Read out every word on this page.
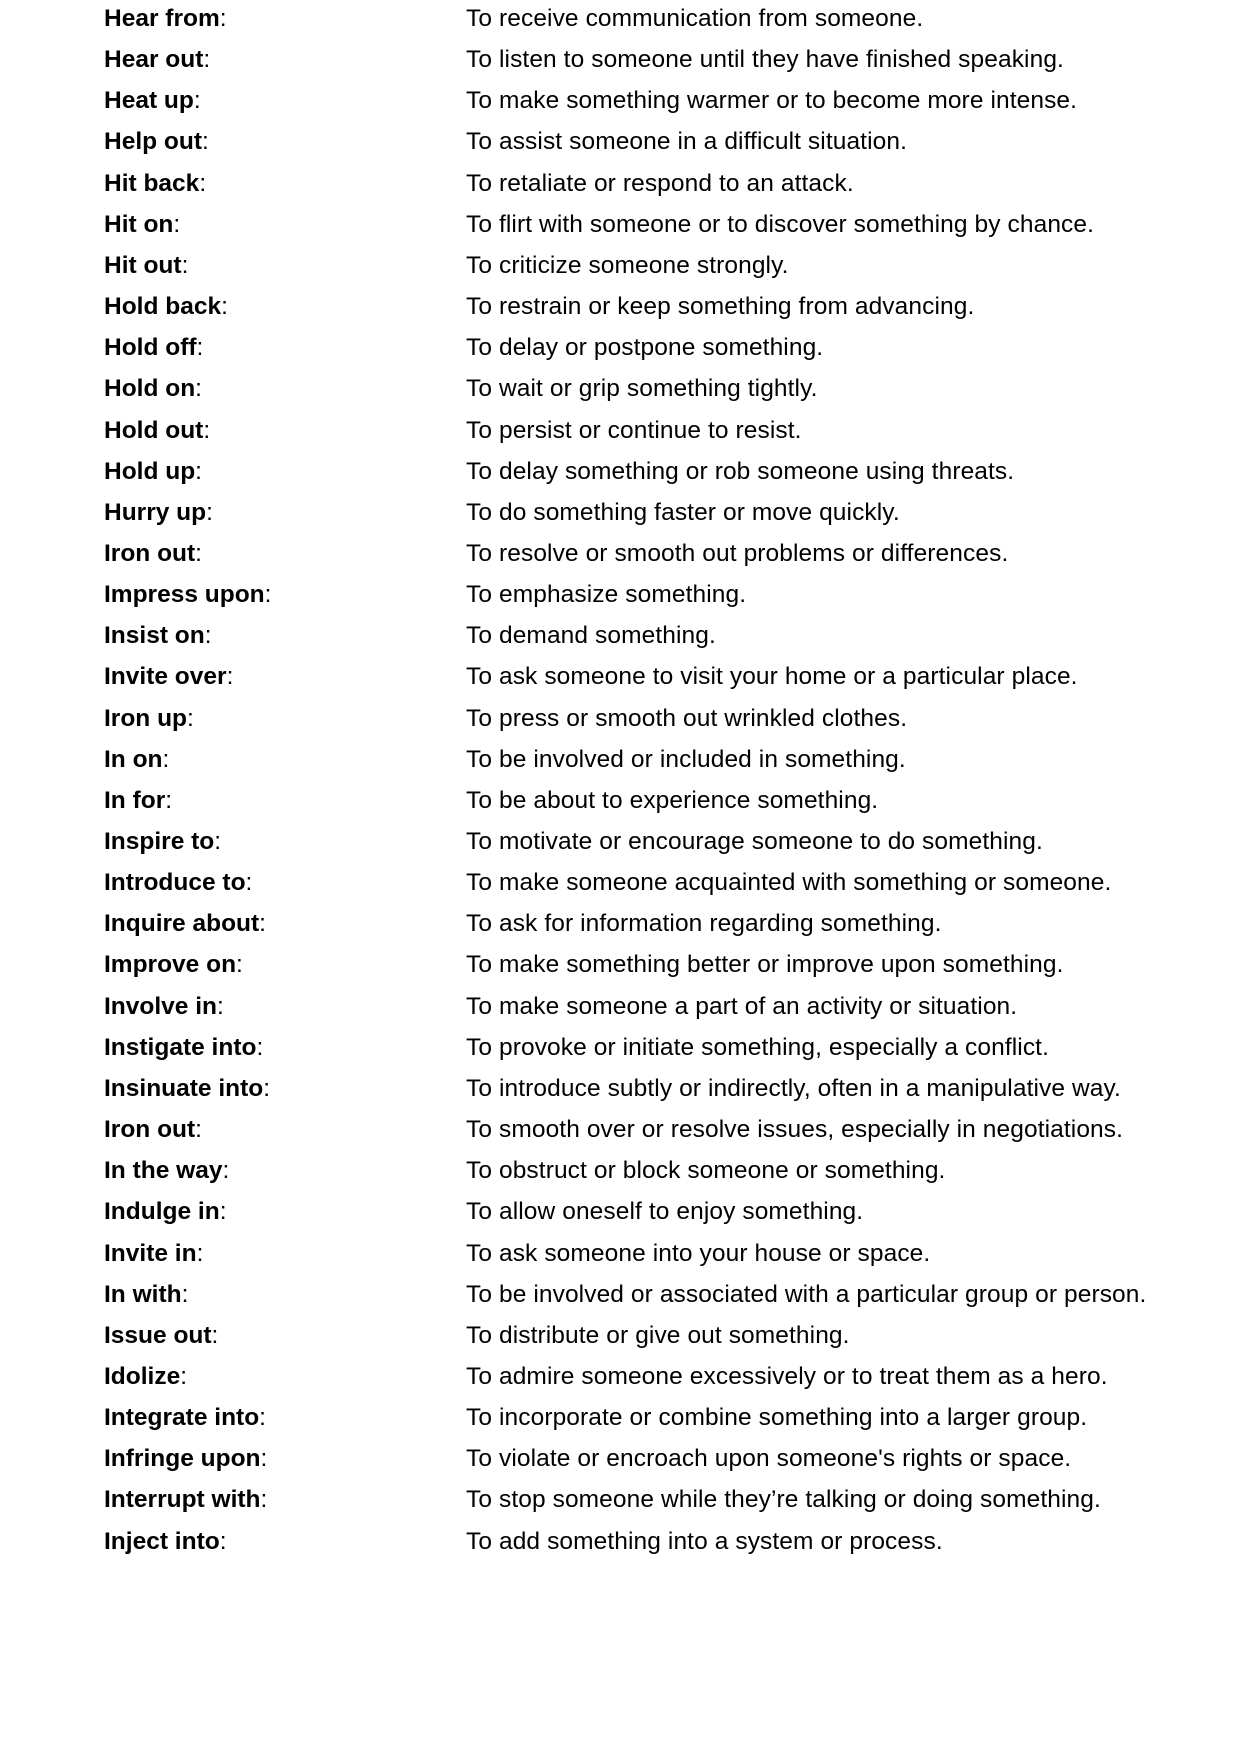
Hear from:	To receive communication from someone.
Hear out:	To listen to someone until they have finished speaking.
Heat up:	To make something warmer or to become more intense.
Help out:	To assist someone in a difficult situation.
Hit back:	To retaliate or respond to an attack.
Hit on:	To flirt with someone or to discover something by chance.
Hit out:	To criticize someone strongly.
Hold back:	To restrain or keep something from advancing.
Hold off:	To delay or postpone something.
Hold on:	To wait or grip something tightly.
Hold out:	To persist or continue to resist.
Hold up:	To delay something or rob someone using threats.
Hurry up:	To do something faster or move quickly.
Iron out:	To resolve or smooth out problems or differences.
Impress upon:	To emphasize something.
Insist on:	To demand something.
Invite over:	To ask someone to visit your home or a particular place.
Iron up:	To press or smooth out wrinkled clothes.
In on:	To be involved or included in something.
In for:	To be about to experience something.
Inspire to:	To motivate or encourage someone to do something.
Introduce to:	To make someone acquainted with something or someone.
Inquire about:	To ask for information regarding something.
Improve on:	To make something better or improve upon something.
Involve in:	To make someone a part of an activity or situation.
Instigate into:	To provoke or initiate something, especially a conflict.
Insinuate into:	To introduce subtly or indirectly, often in a manipulative way.
Iron out:	To smooth over or resolve issues, especially in negotiations.
In the way:	To obstruct or block someone or something.
Indulge in:	To allow oneself to enjoy something.
Invite in:	To ask someone into your house or space.
In with:	To be involved or associated with a particular group or person.
Issue out:	To distribute or give out something.
Idolize:	To admire someone excessively or to treat them as a hero.
Integrate into:	To incorporate or combine something into a larger group.
Infringe upon:	To violate or encroach upon someone's rights or space.
Interrupt with:	To stop someone while they’re talking or doing something.
Inject into:	To add something into a system or process.
